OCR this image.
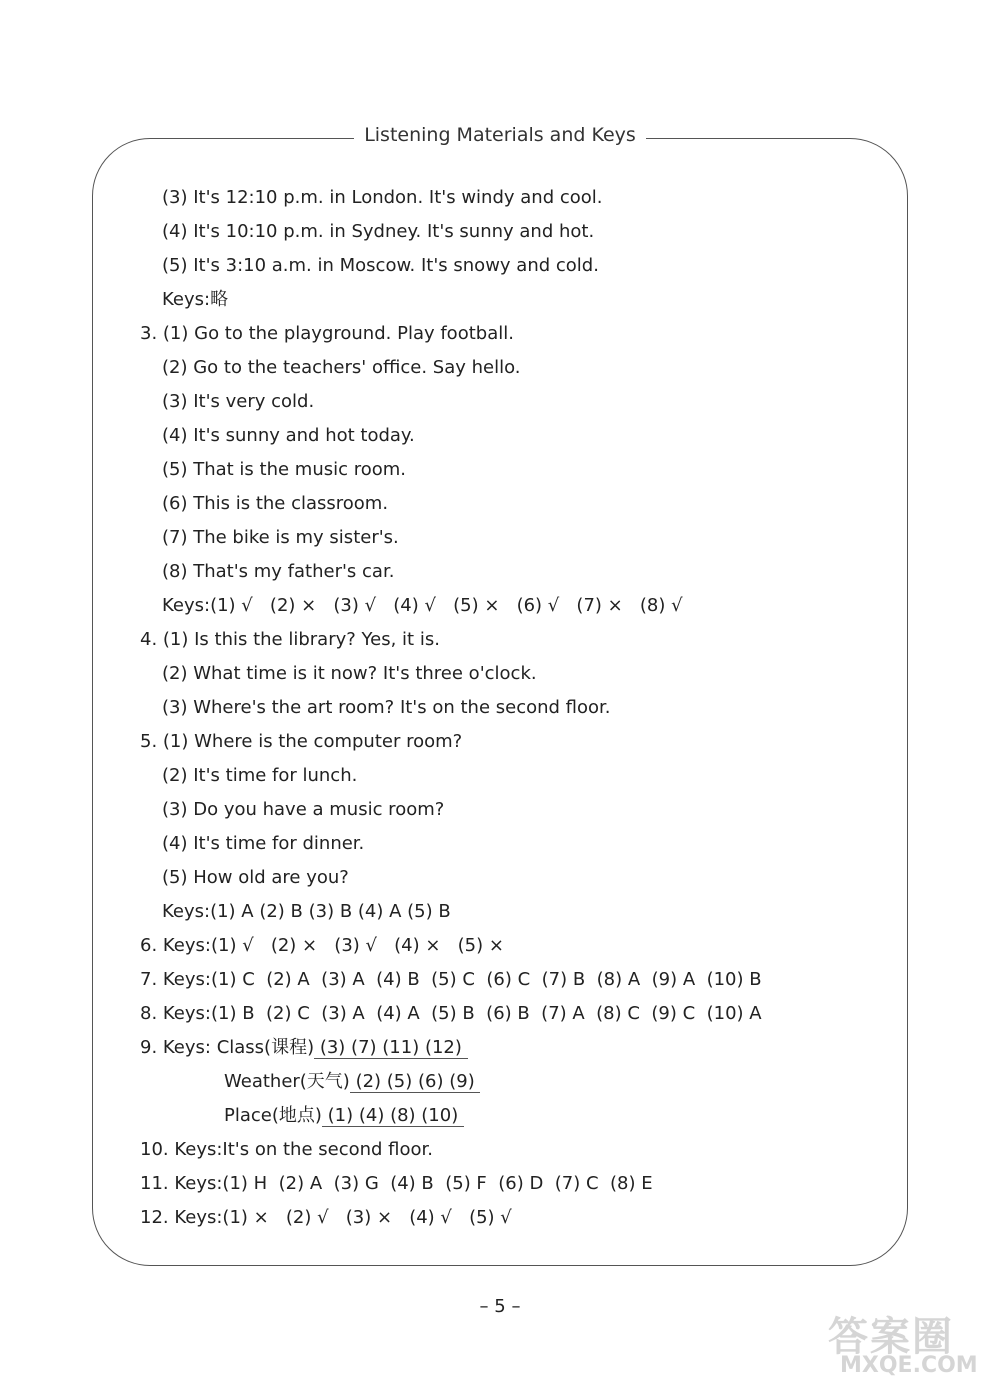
Listening Materials and Keys
(3) It's 12:10 p.m. in London. It's windy and cool.
(4) It's 10:10 p.m. in Sydney. It's sunny and hot.
(5) It's 3:10 a.m. in Moscow. It's snowy and cold.
Keys:略
3. (1) Go to the playground. Play football.
(2) Go to the teachers' office. Say hello.
(3) It's very cold.
(4) It's sunny and hot today.
(5) That is the music room.
(6) This is the classroom.
(7) The bike is my sister's.
(8) That's my father's car.
Keys:(1) √   (2) ×   (3) √   (4) √   (5) ×   (6) √   (7) ×   (8) √
4. (1) Is this the library? Yes, it is.
(2) What time is it now? It's three o'clock.
(3) Where's the art room? It's on the second floor.
5. (1) Where is the computer room?
(2) It's time for lunch.
(3) Do you have a music room?
(4) It's time for dinner.
(5) How old are you?
Keys:(1) A (2) B (3) B (4) A (5) B
6. Keys:(1) √   (2) ×   (3) √   (4) ×   (5) ×
7. Keys:(1) C  (2) A  (3) A  (4) B  (5) C  (6) C  (7) B  (8) A  (9) A  (10) B
8. Keys:(1) B  (2) C  (3) A  (4) A  (5) B  (6) B  (7) A  (8) C  (9) C  (10) A
9. Keys: Class(课程) (3) (7) (11) (12)
Weather(天气) (2) (5) (6) (9)
Place(地点) (1) (4) (8) (10)
10. Keys:It's on the second floor.
11. Keys:(1) H  (2) A  (3) G  (4) B  (5) F  (6) D  (7) C  (8) E
12. Keys:(1) ×   (2) √   (3) ×   (4) √   (5) √
– 5 –
答案圈
MXQE.COM
